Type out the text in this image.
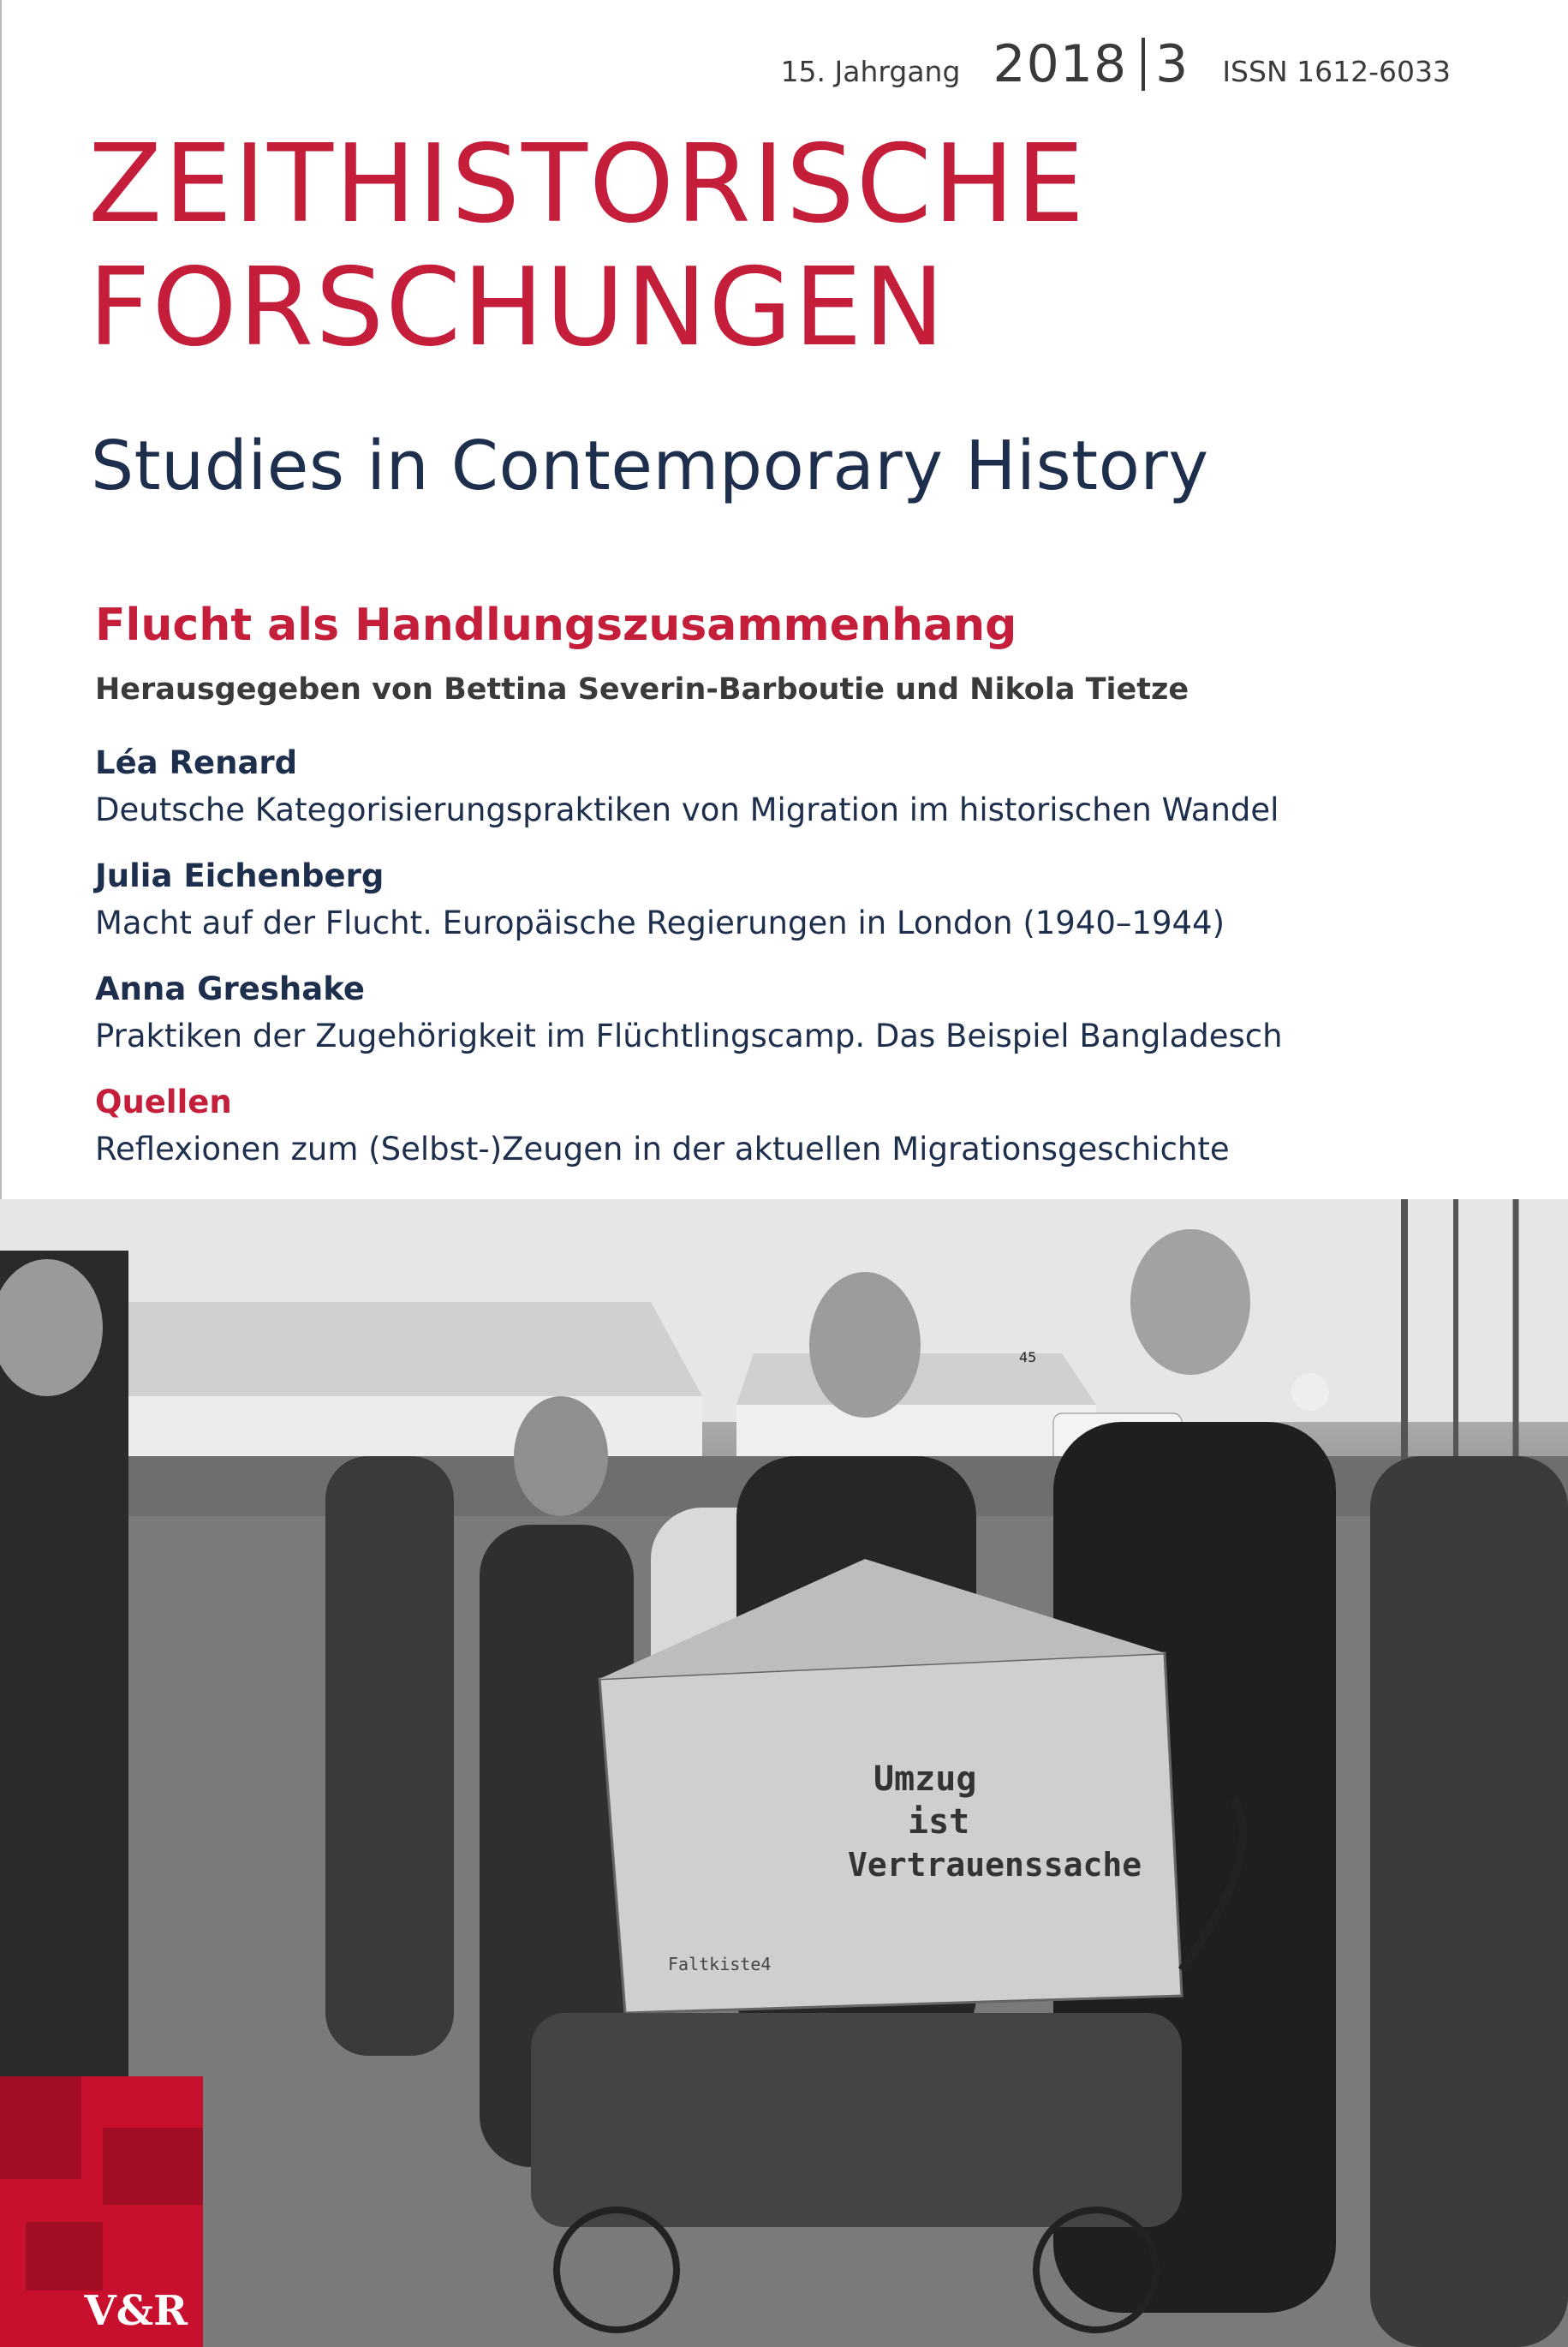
15. Jahrgang 2018 3 ISSN 1612-6033
ZEITHISTORISCHE
FORSCHUNGEN
Studies in Contemporary History
Flucht als Handlungszusammenhang
Herausgegeben von Bettina Severin-Barboutie und Nikola Tietze
Léa Renard
Deutsche Kategorisierungspraktiken von Migration im historischen Wandel
Julia Eichenberg
Macht auf der Flucht. Europäische Regierungen in London (1940–1944)
Anna Greshake
Praktiken der Zugehörigkeit im Flüchtlingscamp. Das Beispiel Bangladesch
Quellen
Reflexionen zum (Selbst-)Zeugen in der aktuellen Migrationsgeschichte
45
Umzug
ist
Vertrauenssache
Faltkiste4
V&R
